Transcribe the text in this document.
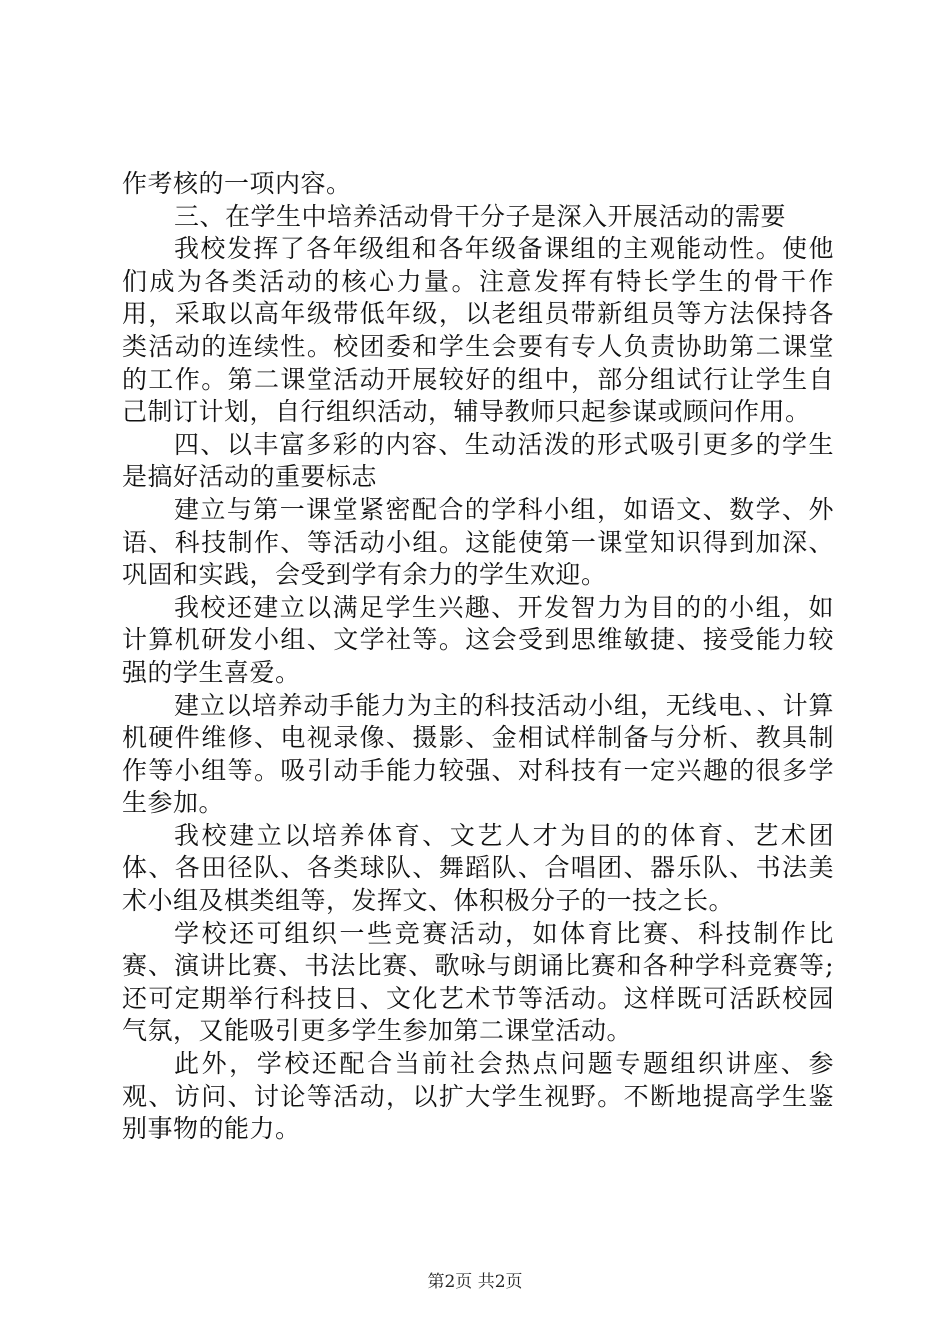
作考核的一项内容。

三、在学生中培养活动骨干分子是深入开展活动的需要

我校发挥了各年级组和各年级备课组的主观能动性。使他们成为各类活动的核心力量。注意发挥有特长学生的骨干作用，采取以高年级带低年级，以老组员带新组员等方法保持各类活动的连续性。校团委和学生会要有专人负责协助第二课堂的工作。第二课堂活动开展较好的组中，部分组试行让学生自己制订计划，自行组织活动，辅导教师只起参谋或顾问作用。

四、以丰富多彩的内容、生动活泼的形式吸引更多的学生是搞好活动的重要标志

建立与第一课堂紧密配合的学科小组，如语文、数学、外语、科技制作、等活动小组。这能使第一课堂知识得到加深、巩固和实践，会受到学有余力的学生欢迎。

我校还建立以满足学生兴趣、开发智力为目的的小组，如计算机研发小组、文学社等。这会受到思维敏捷、接受能力较强的学生喜爱。

建立以培养动手能力为主的科技活动小组，无线电、、计算机硬件维修、电视录像、摄影、金相试样制备与分析、教具制作等小组等。吸引动手能力较强、对科技有一定兴趣的很多学生参加。

我校建立以培养体育、文艺人才为目的的体育、艺术团体、各田径队、各类球队、舞蹈队、合唱团、器乐队、书法美术小组及棋类组等，发挥文、体积极分子的一技之长。

学校还可组织一些竞赛活动，如体育比赛、科技制作比赛、演讲比赛、书法比赛、歌咏与朗诵比赛和各种学科竞赛等;还可定期举行科技日、文化艺术节等活动。这样既可活跃校园气氛，又能吸引更多学生参加第二课堂活动。

此外，学校还配合当前社会热点问题专题组织讲座、参观、访问、讨论等活动，以扩大学生视野。不断地提高学生鉴别事物的能力。

第2页 共2页
